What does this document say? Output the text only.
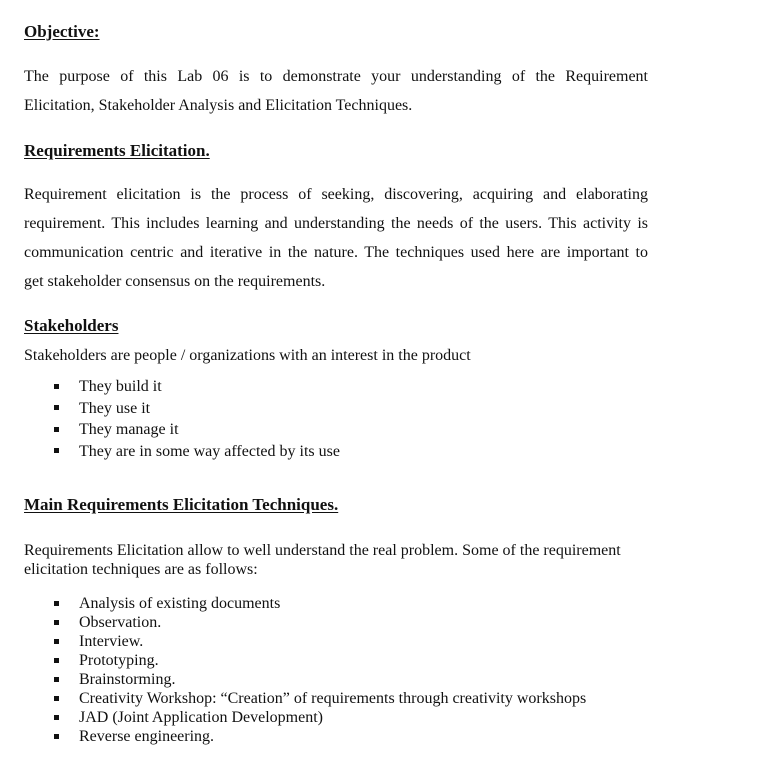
Objective:
The purpose of this Lab 06 is to demonstrate your understanding of the Requirement
Elicitation, Stakeholder Analysis and Elicitation Techniques.
Requirements Elicitation.
Requirement elicitation is the process of seeking, discovering, acquiring and elaborating
requirement. This includes learning and understanding the needs of the users. This activity is
communication centric and iterative in the nature. The techniques used here are important to
get stakeholder consensus on the requirements.
Stakeholders
Stakeholders are people / organizations with an interest in the product
They build it
They use it
They manage it
They are in some way affected by its use
Main Requirements Elicitation Techniques.
Requirements Elicitation allow to well understand the real problem. Some of the requirement
elicitation techniques are as follows:
Analysis of existing documents
Observation.
Interview.
Prototyping.
Brainstorming.
Creativity Workshop: “Creation” of requirements through creativity workshops
JAD (Joint Application Development)
Reverse engineering.
